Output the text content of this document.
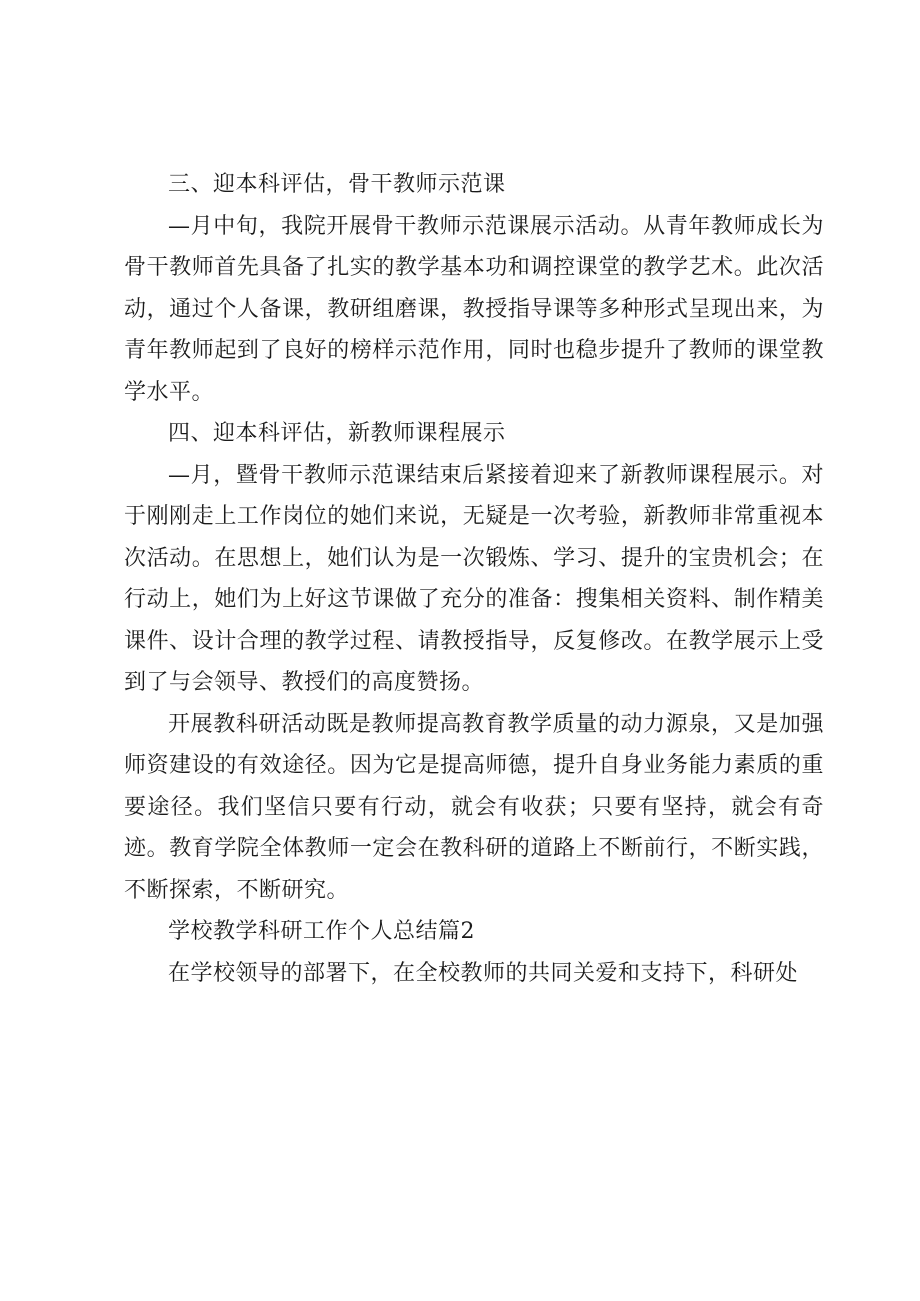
三、迎本科评估，骨干教师示范课

—月中旬，我院开展骨干教师示范课展示活动。从青年教师成长为骨干教师首先具备了扎实的教学基本功和调控课堂的教学艺术。此次活动，通过个人备课，教研组磨课，教授指导课等多种形式呈现出来，为青年教师起到了良好的榜样示范作用，同时也稳步提升了教师的课堂教学水平。

四、迎本科评估，新教师课程展示

—月，暨骨干教师示范课结束后紧接着迎来了新教师课程展示。对于刚刚走上工作岗位的她们来说，无疑是一次考验，新教师非常重视本次活动。在思想上，她们认为是一次锻炼、学习、提升的宝贵机会；在行动上，她们为上好这节课做了充分的准备：搜集相关资料、制作精美课件、设计合理的教学过程、请教授指导，反复修改。在教学展示上受到了与会领导、教授们的高度赞扬。

开展教科研活动既是教师提高教育教学质量的动力源泉，又是加强师资建设的有效途径。因为它是提高师德，提升自身业务能力素质的重要途径。我们坚信只要有行动，就会有收获；只要有坚持，就会有奇迹。教育学院全体教师一定会在教科研的道路上不断前行，不断实践，不断探索，不断研究。

学校教学科研工作个人总结篇2

在学校领导的部署下，在全校教师的共同关爱和支持下，科研处
